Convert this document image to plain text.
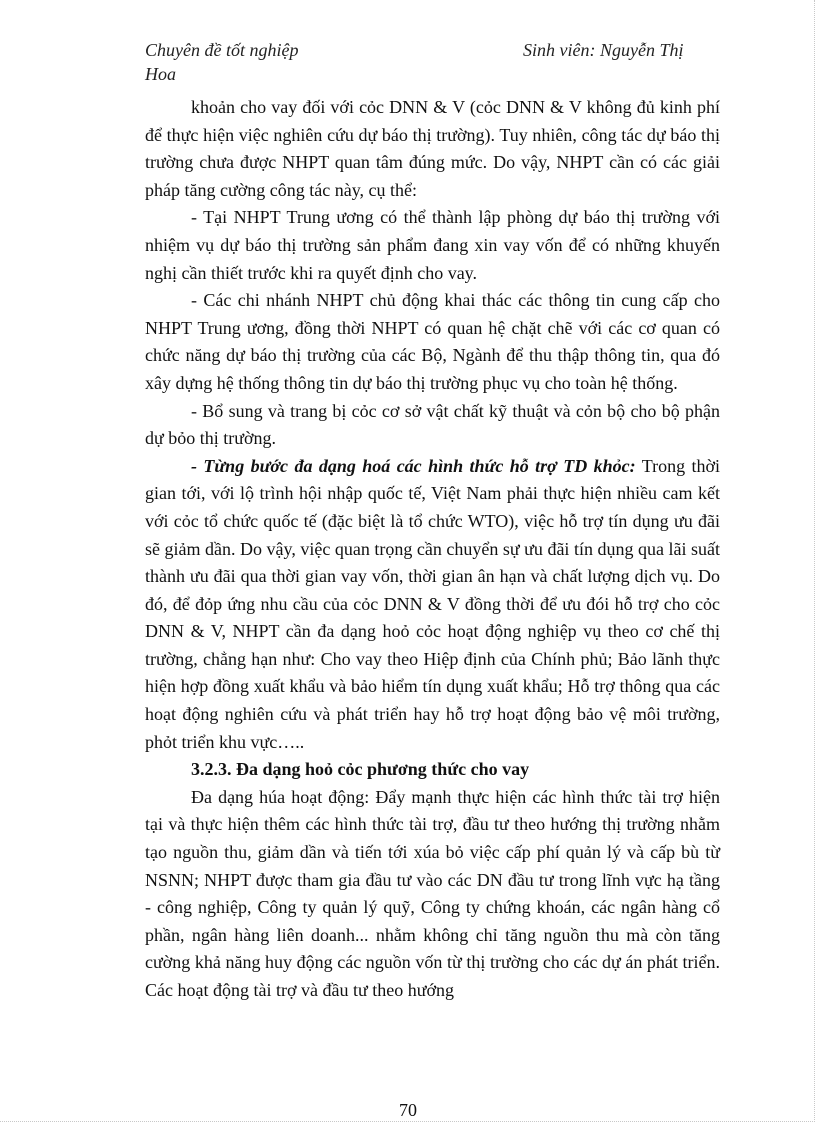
Chuyên đề tốt nghiệp
Hoa
Sinh viên: Nguyễn Thị

khoản cho vay đối với cỏc DNN & V (cỏc DNN & V không đủ kinh phí để thực hiện việc nghiên cứu dự báo thị trường). Tuy nhiên, công tác dự báo thị trường chưa được NHPT quan tâm đúng mức. Do vậy, NHPT cần có các giải pháp tăng cường công tác này, cụ thể:

- Tại NHPT Trung ương có thể thành lập phòng dự báo thị trường với nhiệm vụ dự báo thị trường sản phẩm đang xin vay vốn để có những khuyến nghị cần thiết trước khi ra quyết định cho vay.

- Các chi nhánh NHPT chủ động khai thác các thông tin cung cấp cho NHPT Trung ương, đồng thời NHPT có quan hệ chặt chẽ với các cơ quan có chức năng dự báo thị trường của các Bộ, Ngành để thu thập thông tin, qua đó xây dựng hệ thống thông tin dự báo thị trường phục vụ cho toàn hệ thống.

- Bổ sung và trang bị cỏc cơ sở vật chất kỹ thuật và cỏn bộ cho bộ phận dự bỏo thị trường.

- Từng bước đa dạng hoá các hình thức hỗ trợ TD khỏc: Trong thời gian tới, với lộ trình hội nhập quốc tế, Việt Nam phải thực hiện nhiều cam kết với cỏc tổ chức quốc tế (đặc biệt là tổ chức WTO), việc hỗ trợ tín dụng ưu đãi sẽ giảm dần. Do vậy, việc quan trọng cần chuyển sự ưu đãi tín dụng qua lãi suất thành ưu đãi qua thời gian vay vốn, thời gian ân hạn và chất lượng dịch vụ. Do đó, để đỏp ứng nhu cầu của cỏc DNN & V đồng thời để ưu đói hỗ trợ cho cỏc DNN & V, NHPT cần đa dạng hoỏ cỏc hoạt động nghiệp vụ theo cơ chế thị trường, chẳng hạn như: Cho vay theo Hiệp định của Chính phủ; Bảo lãnh thực hiện hợp đồng xuất khẩu và bảo hiểm tín dụng xuất khẩu; Hỗ trợ thông qua các hoạt động nghiên cứu và phát triển hay hỗ trợ hoạt động bảo vệ môi trường, phỏt triển khu vực…..

3.2.3. Đa dạng hoỏ cỏc phương thức cho vay

Đa dạng húa hoạt động: Đẩy mạnh thực hiện các hình thức tài trợ hiện tại và thực hiện thêm các hình thức tài trợ, đầu tư theo hướng thị trường nhằm tạo nguồn thu, giảm dần và tiến tới xúa bỏ việc cấp phí quản lý và cấp bù từ NSNN; NHPT được tham gia đầu tư vào các DN đầu tư trong lĩnh vực hạ tầng - công nghiệp, Công ty quản lý quỹ, Công ty chứng khoán, các ngân hàng cổ phần, ngân hàng liên doanh... nhằm không chỉ tăng nguồn thu mà còn tăng cường khả năng huy động các nguồn vốn từ thị trường cho các dự án phát triển. Các hoạt động tài trợ và đầu tư theo hướng

70
